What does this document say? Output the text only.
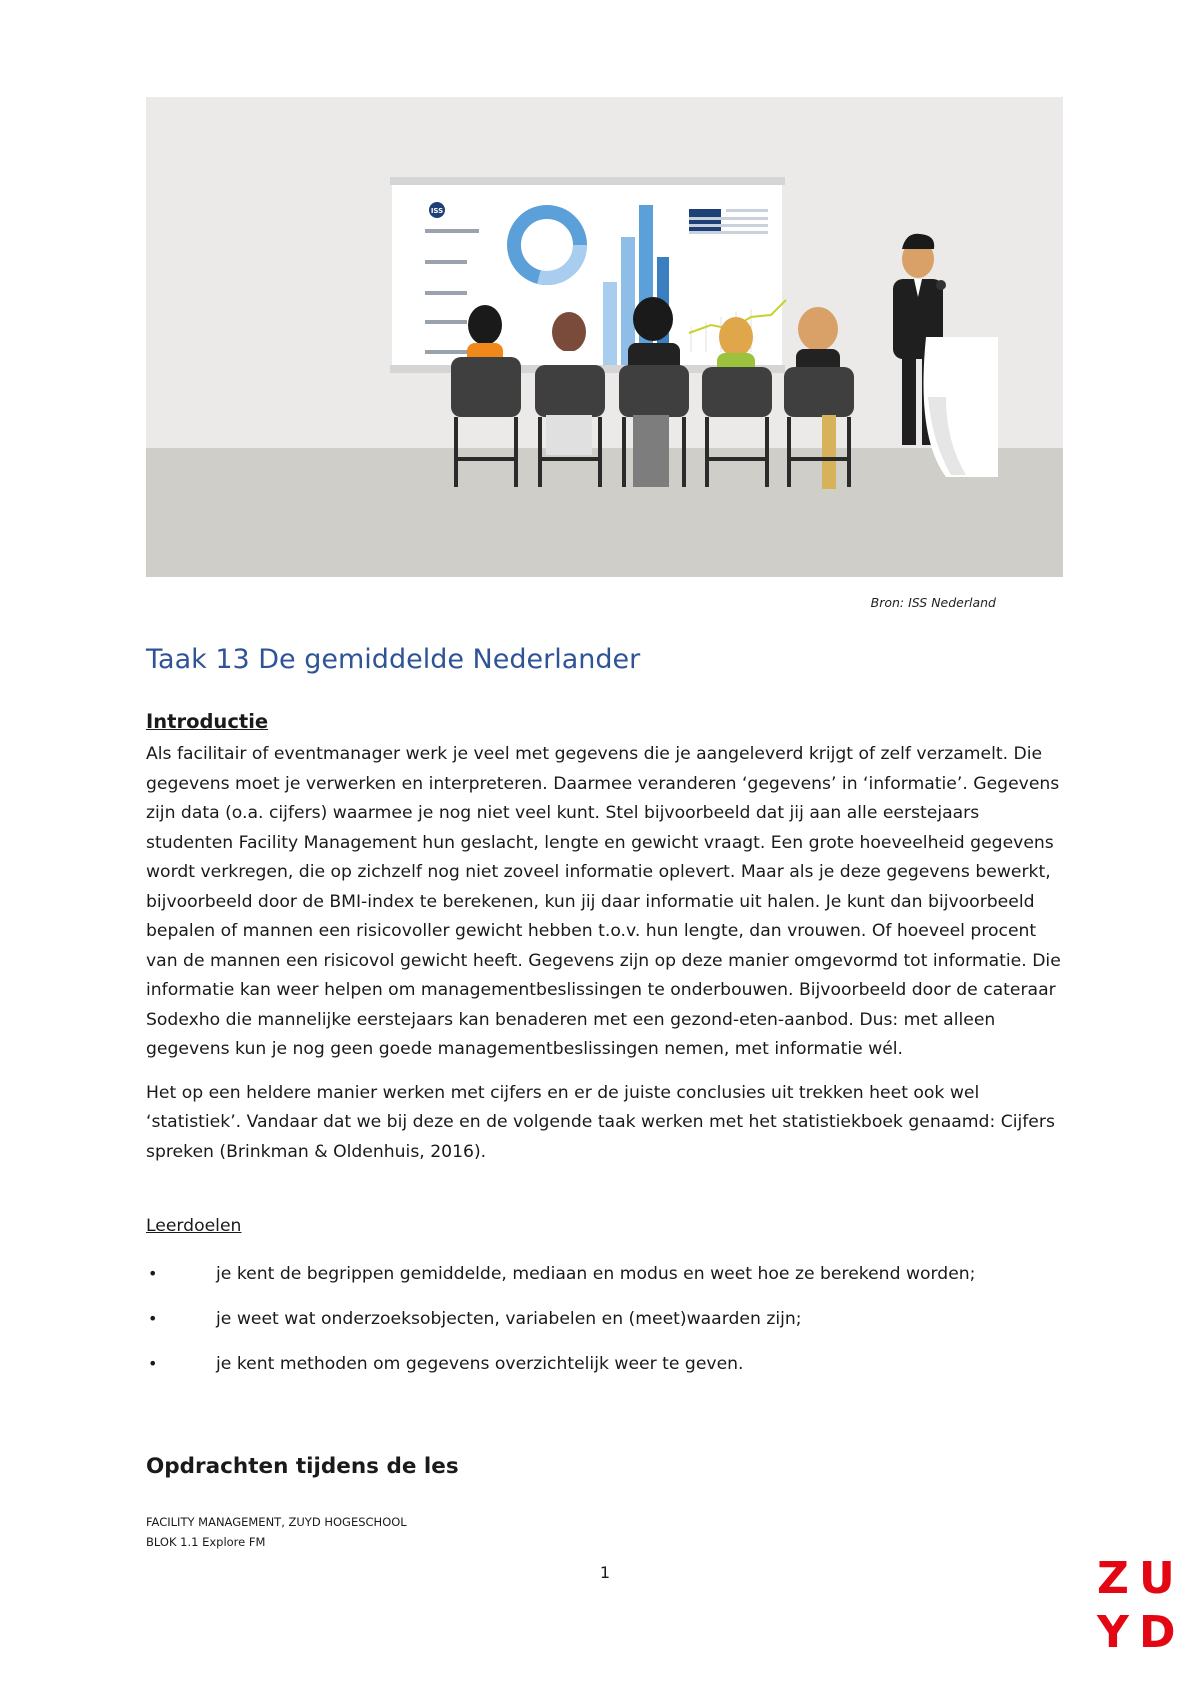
ISS
Bron: ISS Nederland
Taak 13 De gemiddelde Nederlander
Introductie

Als facilitair of eventmanager werk je veel met gegevens die je aangeleverd krijgt of zelf verzamelt. Die gegevens moet je verwerken en interpreteren. Daarmee veranderen ‘gegevens’ in ‘informatie’. Gegevens zijn data (o.a. cijfers) waarmee je nog niet veel kunt. Stel bijvoorbeeld dat jij aan alle eerstejaars studenten Facility Management hun geslacht, lengte en gewicht vraagt. Een grote hoeveelheid gegevens wordt verkregen, die op zichzelf nog niet zoveel informatie oplevert. Maar als je deze gegevens bewerkt, bijvoorbeeld door de BMI-index te berekenen, kun jij daar informatie uit halen. Je kunt dan bijvoorbeeld bepalen of mannen een risicovoller gewicht hebben t.o.v. hun lengte, dan vrouwen. Of hoeveel procent van de mannen een risicovol gewicht heeft. Gegevens zijn op deze manier omgevormd tot informatie. Die informatie kan weer helpen om managementbeslissingen te onderbouwen. Bijvoorbeeld door de cateraar Sodexho die mannelijke eerstejaars kan benaderen met een gezond-eten-aanbod. Dus: met alleen gegevens kun je nog geen goede managementbeslissingen nemen, met informatie wél.

Het op een heldere manier werken met cijfers en er de juiste conclusies uit trekken heet ook wel ‘statistiek’. Vandaar dat we bij deze en de volgende taak werken met het statistiekboek genaamd: Cijfers spreken (Brinkman & Oldenhuis, 2016).

Leerdoelen
•	je kent de begrippen gemiddelde, mediaan en modus en weet hoe ze berekend worden;
•	je weet wat onderzoeksobjecten, variabelen en (meet)waarden zijn;
•	je kent methoden om gegevens overzichtelijk weer te geven.
Opdrachten tijdens de les
FACILITY MANAGEMENT, ZUYD HOGESCHOOL
BLOK 1.1 Explore FM
1	Z U
Y D
